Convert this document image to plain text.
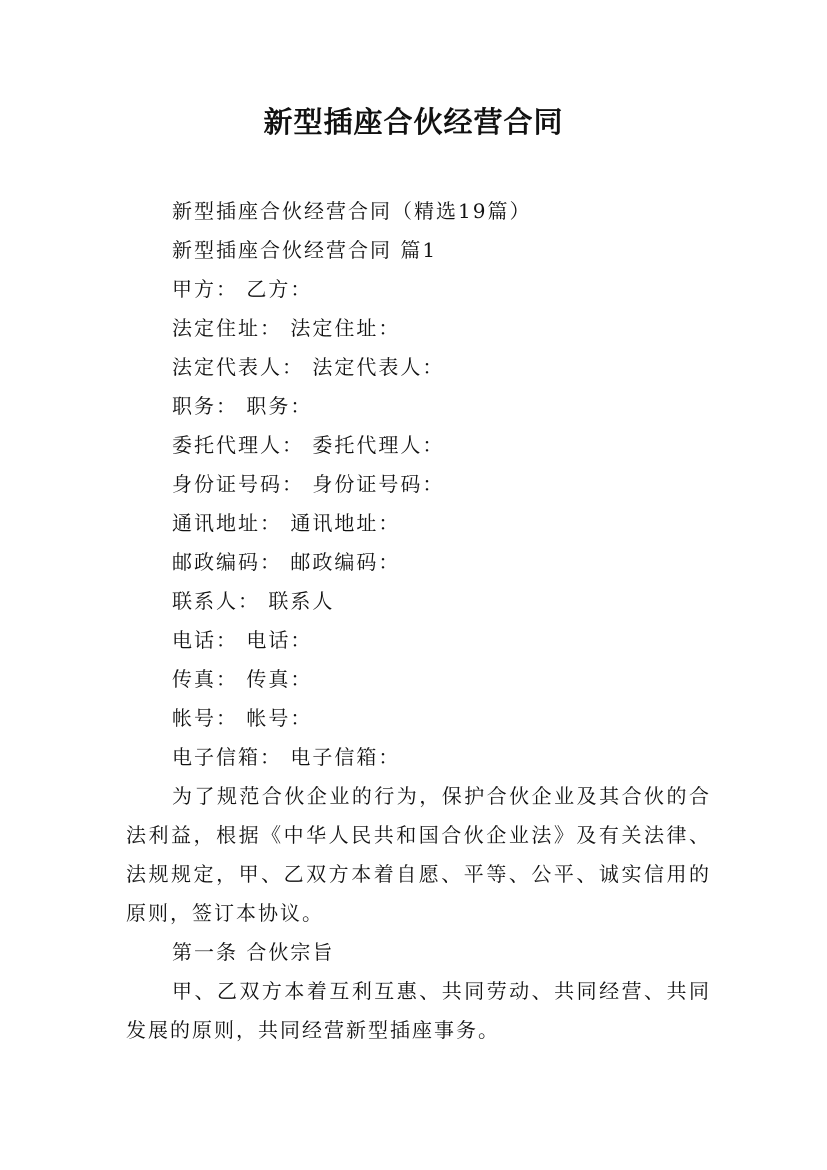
新型插座合伙经营合同
新型插座合伙经营合同（精选19篇）
新型插座合伙经营合同 篇1
甲方： 乙方：
法定住址： 法定住址：
法定代表人： 法定代表人：
职务： 职务：
委托代理人： 委托代理人：
身份证号码： 身份证号码：
通讯地址： 通讯地址：
邮政编码： 邮政编码：
联系人： 联系人
电话： 电话：
传真： 传真：
帐号： 帐号：
电子信箱： 电子信箱：

为了规范合伙企业的行为，保护合伙企业及其合伙的合法利益，根据《中华人民共和国合伙企业法》及有关法律、法规规定，甲、乙双方本着自愿、平等、公平、诚实信用的原则，签订本协议。

第一条 合伙宗旨

甲、乙双方本着互利互惠、共同劳动、共同经营、共同发展的原则，共同经营新型插座事务。
